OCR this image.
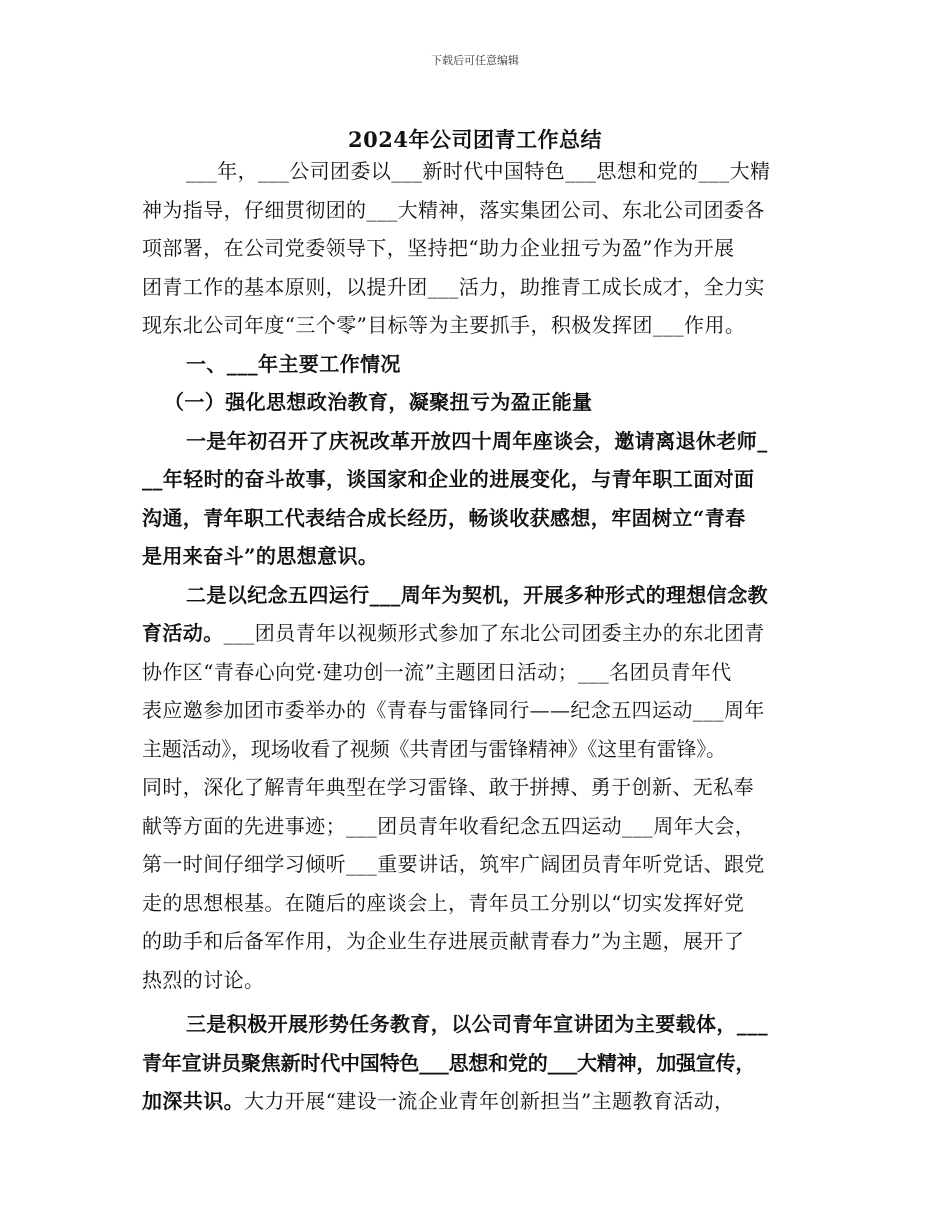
下载后可任意编辑
2024年公司团青工作总结
___年，___公司团委以___新时代中国特色___思想和党的___大精
神为指导，仔细贯彻团的___大精神，落实集团公司、东北公司团委各
项部署，在公司党委领导下，坚持把“助力企业扭亏为盈”作为开展
团青工作的基本原则，以提升团___活力，助推青工成长成才，全力实
现东北公司年度“三个零”目标等为主要抓手，积极发挥团___作用。
一、___年主要工作情况
（一）强化思想政治教育，凝聚扭亏为盈正能量
一是年初召开了庆祝改革开放四十周年座谈会，邀请离退休老师_
__年轻时的奋斗故事，谈国家和企业的进展变化，与青年职工面对面
沟通，青年职工代表结合成长经历，畅谈收获感想，牢固树立“青春
是用来奋斗”的思想意识。
二是以纪念五四运行___周年为契机，开展多种形式的理想信念教
育活动。___团员青年以视频形式参加了东北公司团委主办的东北团青
协作区“青春心向党·建功创一流”主题团日活动；___名团员青年代
表应邀参加团市委举办的《青春与雷锋同行——纪念五四运动___周年
主题活动》，现场收看了视频《共青团与雷锋精神》《这里有雷锋》。
同时，深化了解青年典型在学习雷锋、敢于拼搏、勇于创新、无私奉
献等方面的先进事迹；___团员青年收看纪念五四运动___周年大会，
第一时间仔细学习倾听___重要讲话，筑牢广阔团员青年听党话、跟党
走的思想根基。在随后的座谈会上，青年员工分别以“切实发挥好党
的助手和后备军作用，为企业生存进展贡献青春力”为主题，展开了
热烈的讨论。
三是积极开展形势任务教育，以公司青年宣讲团为主要载体，___
青年宣讲员聚焦新时代中国特色___思想和党的___大精神，加强宣传，
加深共识。大力开展“建设一流企业青年创新担当”主题教育活动，
